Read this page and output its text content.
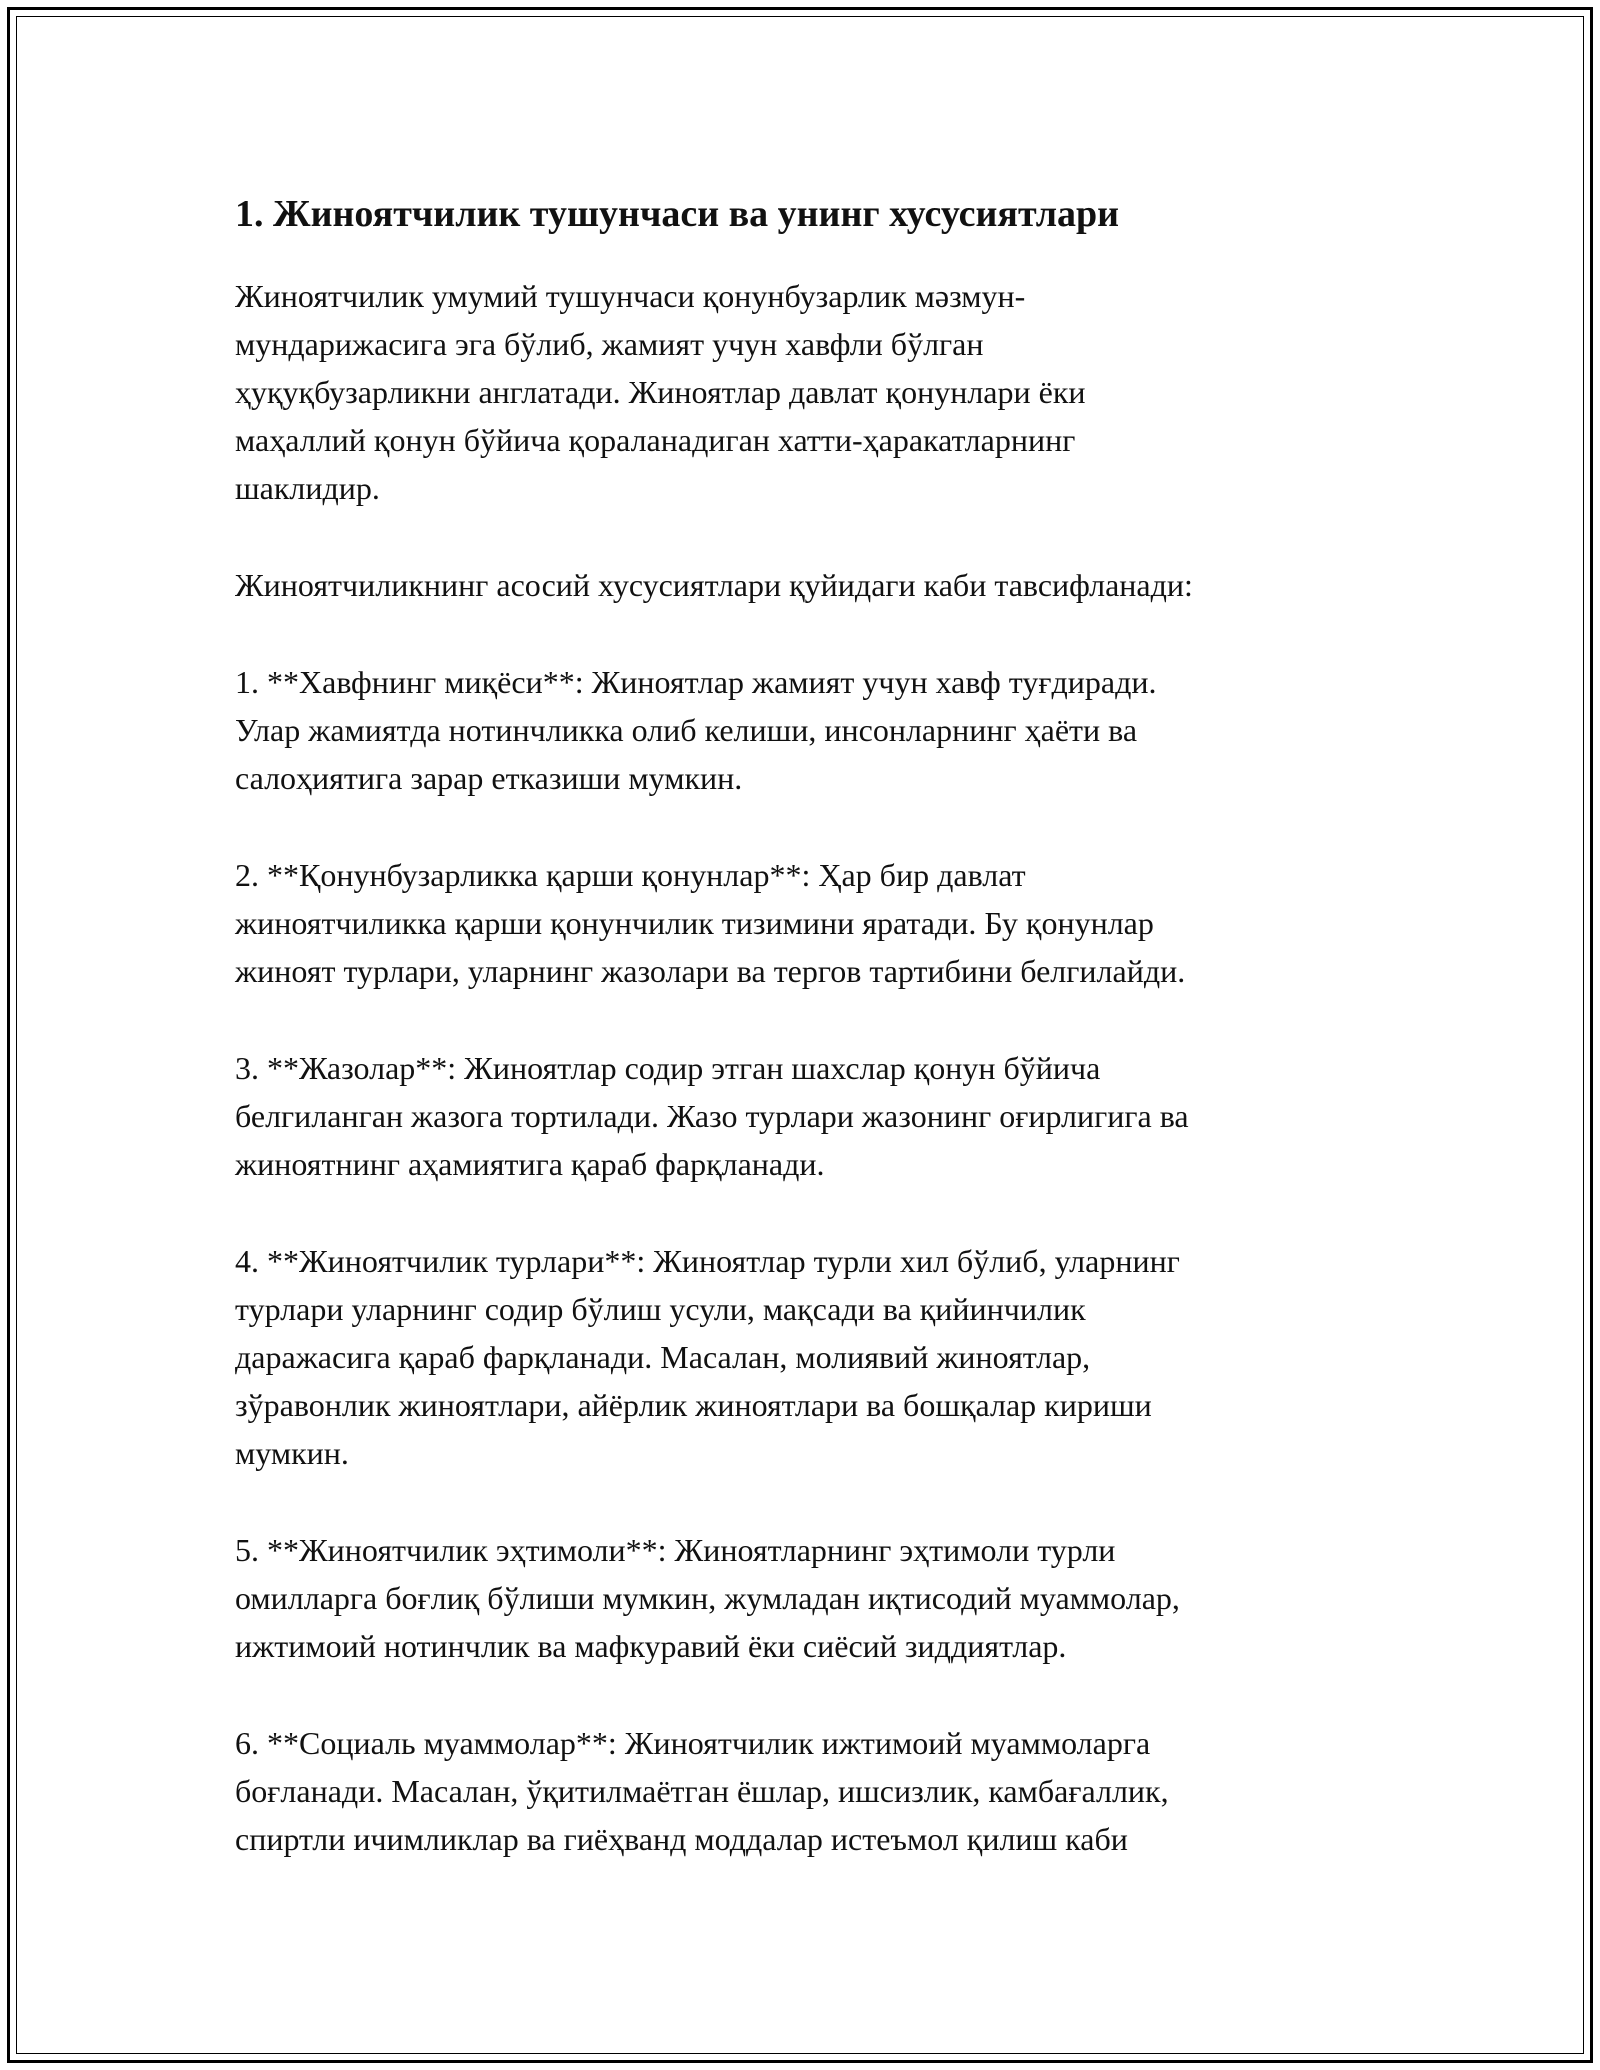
1. Жиноятчилик тушунчаси ва унинг хусусиятлари

Жиноятчилик умумий тушунчаси қонунбузарлик мәзмун-
мундарижасига эга бўлиб, жамият учун хавфли бўлган
ҳуқуқбузарликни англатади. Жиноятлар давлат қонунлари ёки
маҳаллий қонун бўйича қораланадиган хатти-ҳаракатларнинг
шаклидир.

Жиноятчиликнинг асосий хусусиятлари қуйидаги каби тавсифланади:

1. **Хавфнинг миқёси**: Жиноятлар жамият учун хавф туғдиради.
Улар жамиятда нотинчликка олиб келиши, инсонларнинг ҳаёти ва
салоҳиятига зарар етказиши мумкин.

2. **Қонунбузарликка қарши қонунлар**: Ҳар бир давлат
жиноятчиликка қарши қонунчилик тизимини яратади. Бу қонунлар
жиноят турлари, уларнинг жазолари ва тергов тартибини белгилайди.

3. **Жазолар**: Жиноятлар содир этган шахслар қонун бўйича
белгиланган жазога тортилади. Жазо турлари жазонинг оғирлигига ва
жиноятнинг аҳамиятига қараб фарқланади.

4. **Жиноятчилик турлари**: Жиноятлар турли хил бўлиб, уларнинг
турлари уларнинг содир бўлиш усули, мақсади ва қийинчилик
даражасига қараб фарқланади. Масалан, молиявий жиноятлар,
зўравонлик жиноятлари, айёрлик жиноятлари ва бошқалар кириши
мумкин.

5. **Жиноятчилик эҳтимоли**: Жиноятларнинг эҳтимоли турли
омилларга боғлиқ бўлиши мумкин, жумладан иқтисодий муаммолар,
ижтимоий нотинчлик ва мафкуравий ёки сиёсий зиддиятлар.

6. **Социаль муаммолар**: Жиноятчилик ижтимоий муаммоларга
боғланади. Масалан, ўқитилмаётган ёшлар, ишсизлик, камбағаллик,
спиртли ичимликлар ва гиёҳванд моддалар истеъмол қилиш каби
